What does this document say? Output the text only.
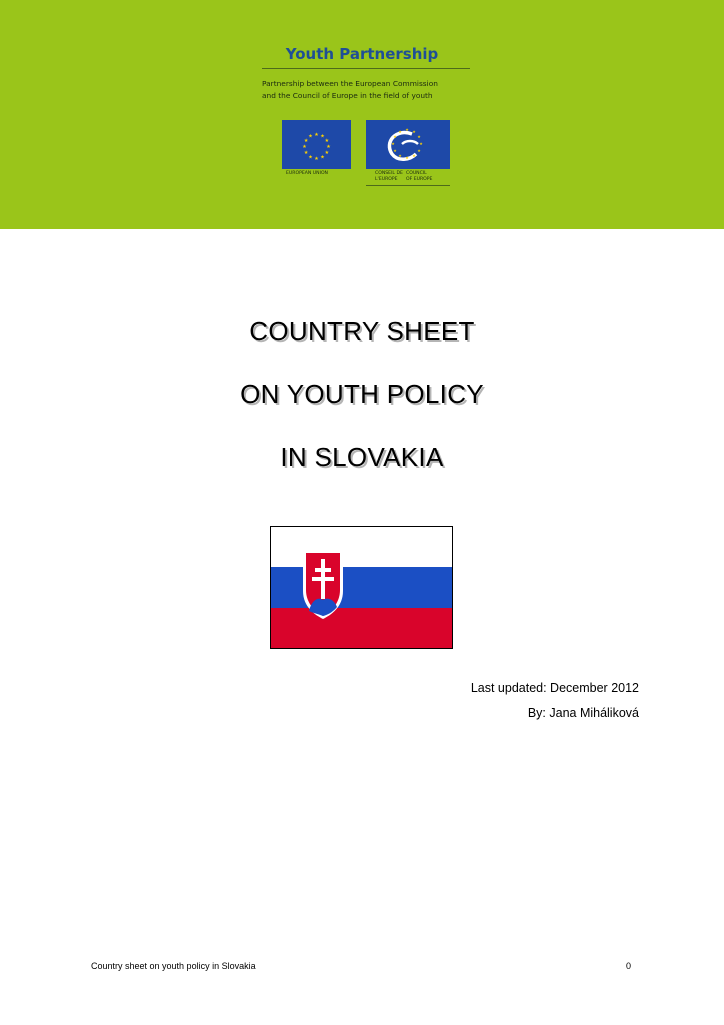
Youth Partnership
Partnership between the European Commission
and the Council of Europe in the field of youth
★ ★
★
★
★
★
★
★
★
★
★
★
★ ★
★
★
★
★
★
★
★
★
★
★
EUROPEAN UNION	CONSEIL DE L'EUROPE
COUNCIL OF EUROPE
COUNTRY SHEET
ON YOUTH POLICY
IN SLOVAKIA
Last updated: December 2012
By: Jana Miháliková
Country sheet on youth policy in Slovakia	0
